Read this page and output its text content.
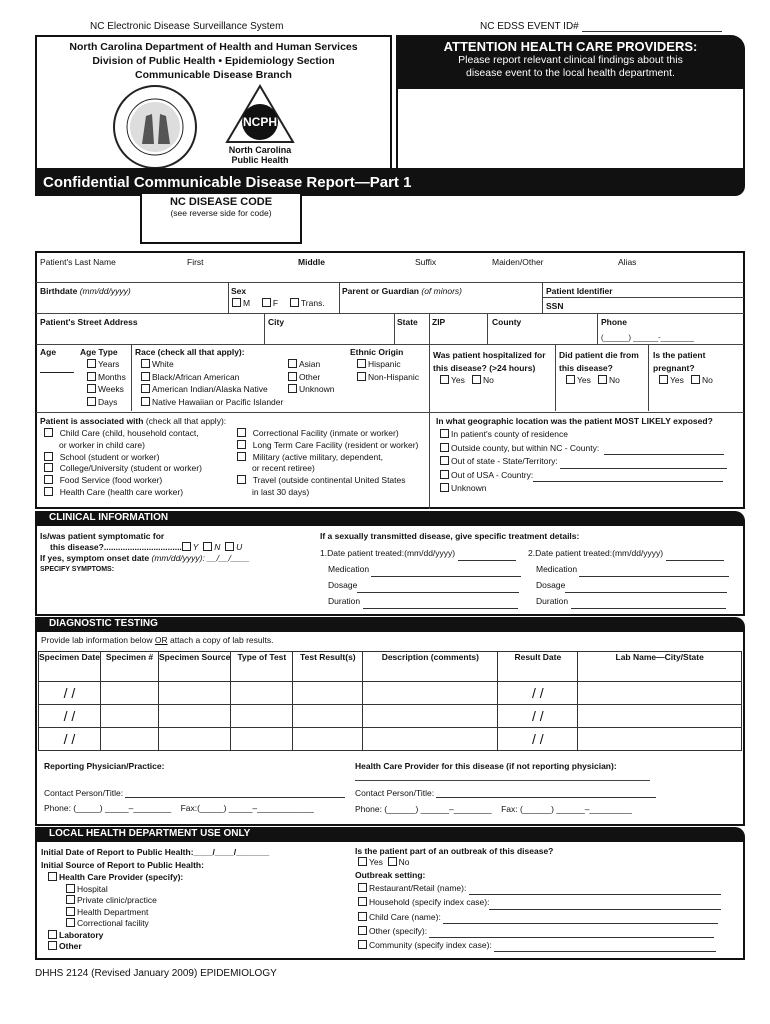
NC Electronic Disease Surveillance System	NC EDSS EVENT ID#
North Carolina Department of Health and Human Services
Division of Public Health • Epidemiology Section
Communicable Disease Branch
NCPH
North Carolina
Public Health
ATTENTION HEALTH CARE PROVIDERS:
Please report relevant clinical findings about this
disease event to the local health department.
Confidential Communicable Disease Report—Part 1
NC DISEASE CODE
(see reverse side for code)
Patient's Last Name	First	Middle	Suffix	Maiden/Other	Alias
Birthdate (mm/dd/yyyy)	Sex
M	F	Trans.
Parent or Guardian (of minors)	Patient Identifier
SSN
Patient's Street Address	City	State ZIP	County	Phone
(______) ______-________
Age	Age Type
Years
Months
Weeks
Days
Race (check all that apply):
White
Black/African American
American Indian/Alaska Native
Native Hawaiian or Pacific Islander
Asian
Other
Unknown
Ethnic Origin
Hispanic
Non-Hispanic
Was patient hospitalized for
this disease? (>24 hours)
Yes No
Did patient die from
this disease?
Yes No
Is the patient
pregnant?
Yes No
Patient is associated with (check all that apply):
Child Care (child, household contact,
or worker in child care)
School (student or worker)
College/University (student or worker)
Food Service (food worker)
Health Care (health care worker)
Correctional Facility (inmate or worker)
Long Term Care Facility (resident or worker)
Military (active military, dependent,
or recent retiree)
Travel (outside continental United States
in last 30 days)
In what geographic location was the patient MOST LIKELY exposed?
In patient's county of residence
Outside county, but within NC - County:
Out of state - State/Territory:
Out of USA - Country:
Unknown
CLINICAL INFORMATION
Is/was patient symptomatic for
this disease?................................. Y N U
If yes, symptom onset date (mm/dd/yyyy): __/__/____
SPECIFY SYMPTOMS:
If a sexually transmitted disease, give specific treatment details:
1.Date patient treated:(mm/dd/yyyy)
Medication
Dosage
Duration
2.Date patient treated:(mm/dd/yyyy)
Medication
Dosage
Duration
DIAGNOSTIC TESTING
Provide lab information below OR attach a copy of lab results.
Specimen Date	Specimen #	Specimen Source	Type of Test	Test Result(s)	Description (comments)	Result Date	Lab Name—City/State
/ /						/ /	
/ /						/ /	
/ /						/ /	
Reporting Physician/Practice:	Health Care Provider for this disease (if not reporting physician):
Contact Person/Title:
Phone: (_____) _____–________ Fax:(_____) _____–____________
Contact Person/Title:
Phone: (______) ______–________ Fax: (______) ______–_________
LOCAL HEALTH DEPARTMENT USE ONLY
Initial Date of Report to Public Health:____/____/_______
Initial Source of Report to Public Health:
Health Care Provider (specify):
Hospital
Private clinic/practice
Health Department
Correctional facility
Laboratory
Other
Is the patient part of an outbreak of this disease?
Yes No
Outbreak setting:
Restaurant/Retail (name):
Household (specify index case):
Child Care (name):
Other (specify):
Community (specify index case):
DHHS 2124 (Revised January 2009) EPIDEMIOLOGY
